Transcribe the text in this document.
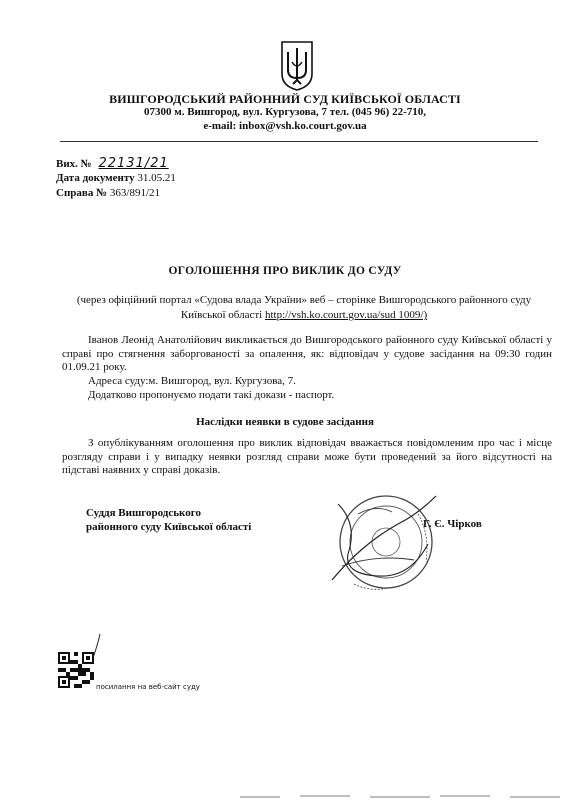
ВИШГОРОДСЬКИЙ РАЙОННИЙ СУД КИЇВСЬКОЇ ОБЛАСТІ
07300 м. Вишгород, вул. Кургузова, 7 тел. (045 96) 22-710,
e-mail: inbox@vsh.ko.court.gov.ua
Вих. № 22131/21
Дата документу 31.05.21
Справа № 363/891/21
ОГОЛОШЕННЯ ПРО ВИКЛИК ДО СУДУ
(через офіційний портал «Судова влада України» веб – сторінке Вишгородського районного суду Київської області http://vsh.ko.court.gov.ua/sud 1009/)
Іванов Леонід Анатолійович викликається до Вишгородського районного суду Київської області у справі про стягнення заборгованості за опалення, як: відповідач у судове засідання на 09:30 годин 01.09.21 року.
Адреса суду:м. Вишгород, вул. Кургузова, 7.
Додатково пропонуємо подати такі докази - паспорт.
Наслідки неявки в судове засідання
З опублікуванням оголошення про виклик відповідач вважається повідомленим про час і місце розгляду справи і у випадку неявки розгляд справи може бути проведений за його відсутності на підставі наявних у справі доказів.
Суддя Вишгородського
районного суду Київської області	Г. Є. Чірков
посилання на веб-сайт суду
